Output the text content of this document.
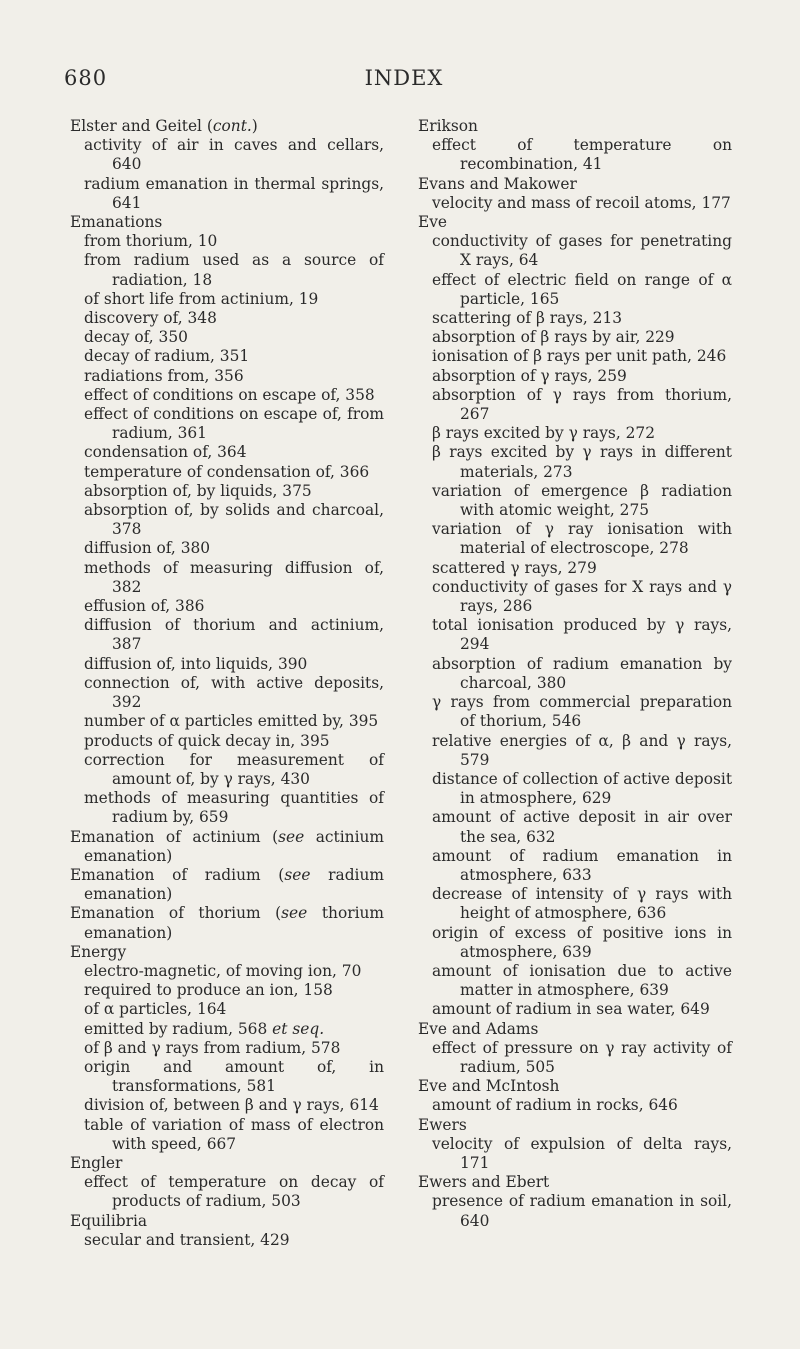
INDEX
680
Elster and Geitel (cont.)
activity of air in caves and cellars, 640
radium emanation in thermal springs, 641
Emanations
from thorium, 10
from radium used as a source of radiation, 18
of short life from actinium, 19
discovery of, 348
decay of, 350
decay of radium, 351
radiations from, 356
effect of conditions on escape of, 358
effect of conditions on escape of, from radium, 361
condensation of, 364
temperature of condensation of, 366
absorption of, by liquids, 375
absorption of, by solids and charcoal, 378
diffusion of, 380
methods of measuring diffusion of, 382
effusion of, 386
diffusion of thorium and actinium, 387
diffusion of, into liquids, 390
connection of, with active deposits, 392
number of α particles emitted by, 395
products of quick decay in, 395
correction for measurement of amount of, by γ rays, 430
methods of measuring quantities of radium by, 659
Emanation of actinium (see actinium emanation)
Emanation of radium (see radium emanation)
Emanation of thorium (see thorium emanation)
Energy
electro-magnetic, of moving ion, 70
required to produce an ion, 158
of α particles, 164
emitted by radium, 568 et seq.
of β and γ rays from radium, 578
origin and amount of, in transformations, 581
division of, between β and γ rays, 614
table of variation of mass of electron with speed, 667
Engler
effect of temperature on decay of products of radium, 503
Equilibria
secular and transient, 429
Erikson
effect of temperature on recombination, 41
Evans and Makower
velocity and mass of recoil atoms, 177
Eve
conductivity of gases for penetrating X rays, 64
effect of electric field on range of α particle, 165
scattering of β rays, 213
absorption of β rays by air, 229
ionisation of β rays per unit path, 246
absorption of γ rays, 259
absorption of γ rays from thorium, 267
β rays excited by γ rays, 272
β rays excited by γ rays in different materials, 273
variation of emergence β radiation with atomic weight, 275
variation of γ ray ionisation with material of electroscope, 278
scattered γ rays, 279
conductivity of gases for X rays and γ rays, 286
total ionisation produced by γ rays, 294
absorption of radium emanation by charcoal, 380
γ rays from commercial preparation of thorium, 546
relative energies of α, β and γ rays, 579
distance of collection of active deposit in atmosphere, 629
amount of active deposit in air over the sea, 632
amount of radium emanation in atmosphere, 633
decrease of intensity of γ rays with height of atmosphere, 636
origin of excess of positive ions in atmosphere, 639
amount of ionisation due to active matter in atmosphere, 639
amount of radium in sea water, 649
Eve and Adams
effect of pressure on γ ray activity of radium, 505
Eve and McIntosh
amount of radium in rocks, 646
Ewers
velocity of expulsion of delta rays, 171
Ewers and Ebert
presence of radium emanation in soil, 640
